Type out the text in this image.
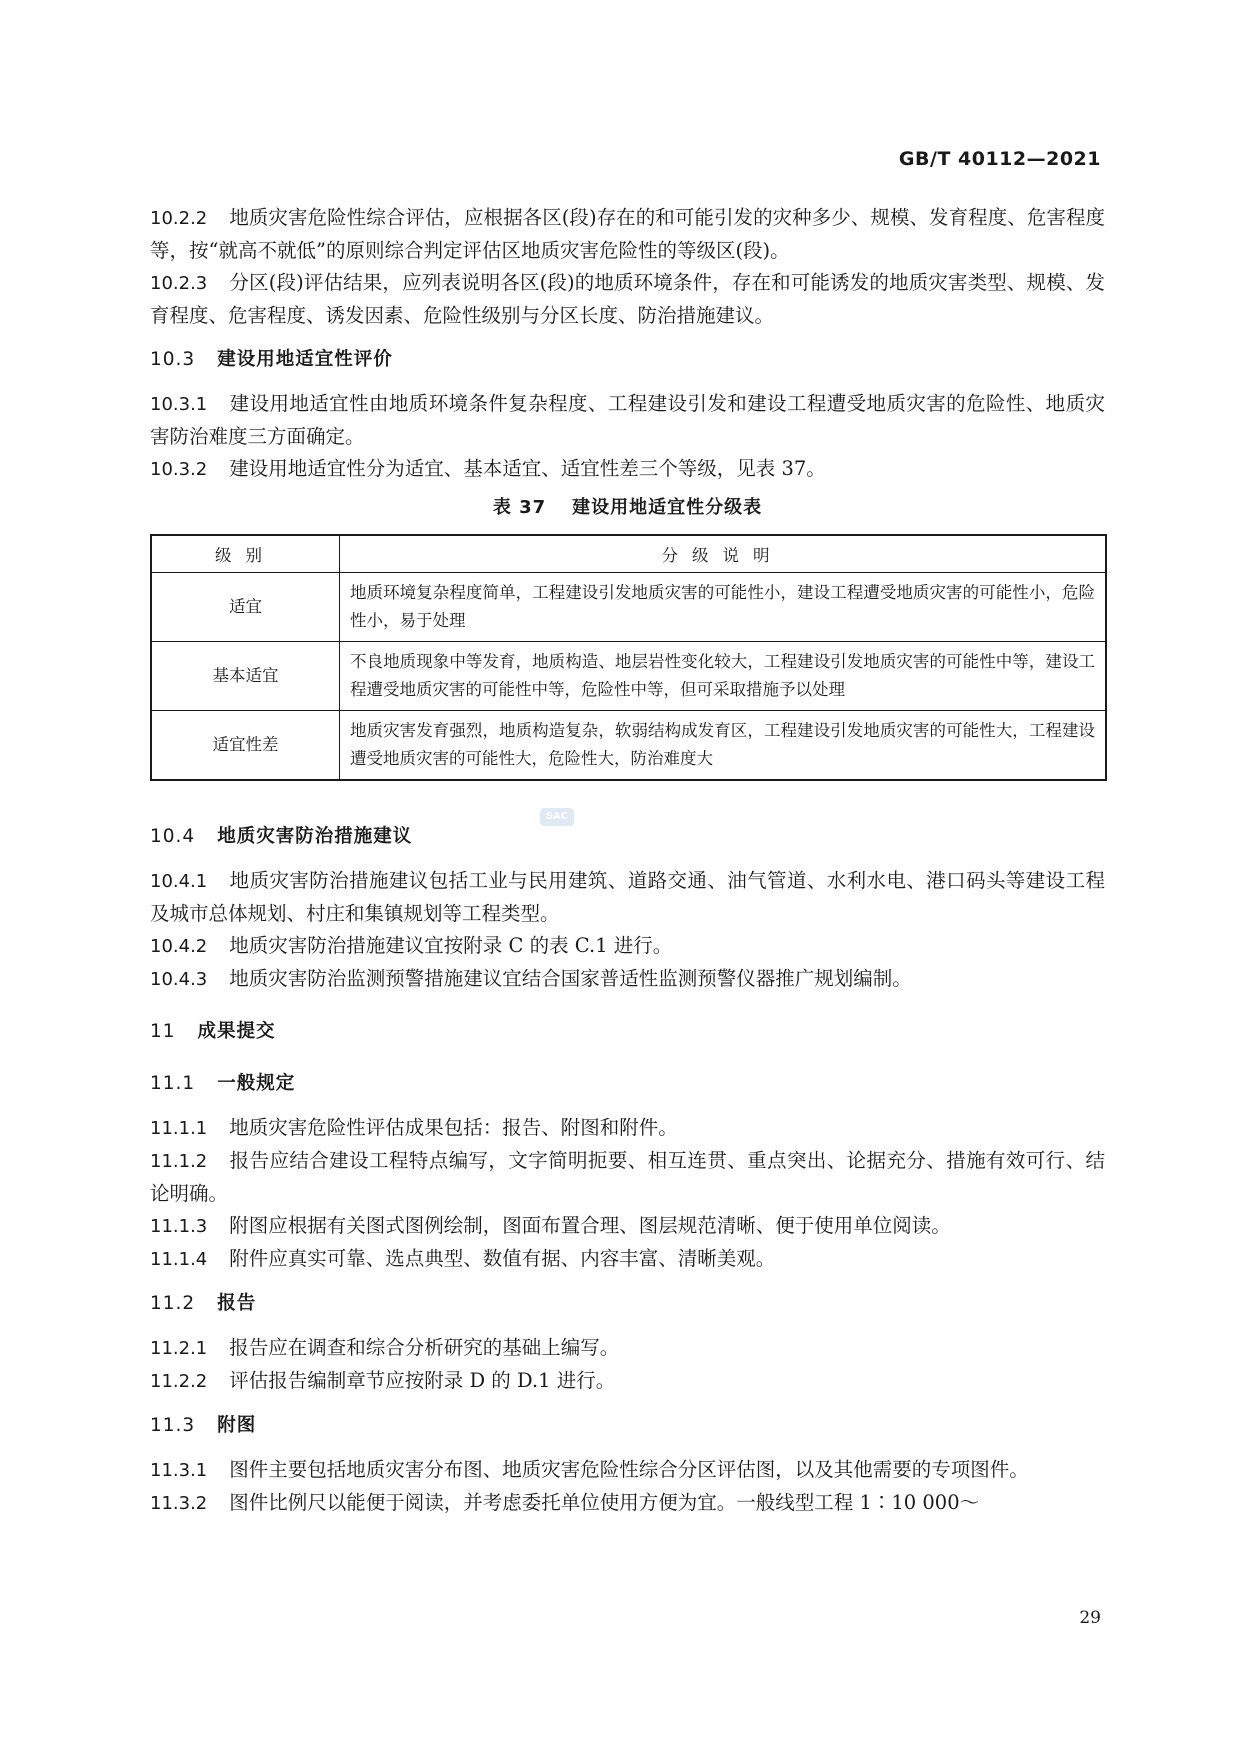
GB/T 40112—2021

10.2.2 地质灾害危险性综合评估，应根据各区(段)存在的和可能引发的灾种多少、规模、发育程度、危害程度等，按“就高不就低”的原则综合判定评估区地质灾害危险性的等级区(段)。

10.2.3 分区(段)评估结果，应列表说明各区(段)的地质环境条件，存在和可能诱发的地质灾害类型、规模、发育程度、危害程度、诱发因素、危险性级别与分区长度、防治措施建议。

10.3 建设用地适宜性评价

10.3.1 建设用地适宜性由地质环境条件复杂程度、工程建设引发和建设工程遭受地质灾害的危险性、地质灾害防治难度三方面确定。

10.3.2 建设用地适宜性分为适宜、基本适宜、适宜性差三个等级，见表 37。

表 37 建设用地适宜性分级表
级别	分级说明
适宜	地质环境复杂程度简单，工程建设引发地质灾害的可能性小，建设工程遭受地质灾害的可能性小，危险性小，易于处理
基本适宜	不良地质现象中等发育，地质构造、地层岩性变化较大，工程建设引发地质灾害的可能性中等，建设工程遭受地质灾害的可能性中等，危险性中等，但可采取措施予以处理
适宜性差	地质灾害发育强烈，地质构造复杂，软弱结构成发育区，工程建设引发地质灾害的可能性大，工程建设遭受地质灾害的可能性大，危险性大，防治难度大

10.4 地质灾害防治措施建议

10.4.1 地质灾害防治措施建议包括工业与民用建筑、道路交通、油气管道、水利水电、港口码头等建设工程及城市总体规划、村庄和集镇规划等工程类型。

10.4.2 地质灾害防治措施建议宜按附录 C 的表 C.1 进行。

10.4.3 地质灾害防治监测预警措施建议宜结合国家普适性监测预警仪器推广规划编制。

11 成果提交

11.1 一般规定

11.1.1 地质灾害危险性评估成果包括：报告、附图和附件。

11.1.2 报告应结合建设工程特点编写，文字简明扼要、相互连贯、重点突出、论据充分、措施有效可行、结论明确。

11.1.3 附图应根据有关图式图例绘制，图面布置合理、图层规范清晰、便于使用单位阅读。

11.1.4 附件应真实可靠、选点典型、数值有据、内容丰富、清晰美观。

11.2 报告

11.2.1 报告应在调查和综合分析研究的基础上编写。

11.2.2 评估报告编制章节应按附录 D 的 D.1 进行。

11.3 附图

11.3.1 图件主要包括地质灾害分布图、地质灾害危险性综合分区评估图，以及其他需要的专项图件。

11.3.2 图件比例尺以能便于阅读，并考虑委托单位使用方便为宜。一般线型工程 1∶10 000～

SAC
29
